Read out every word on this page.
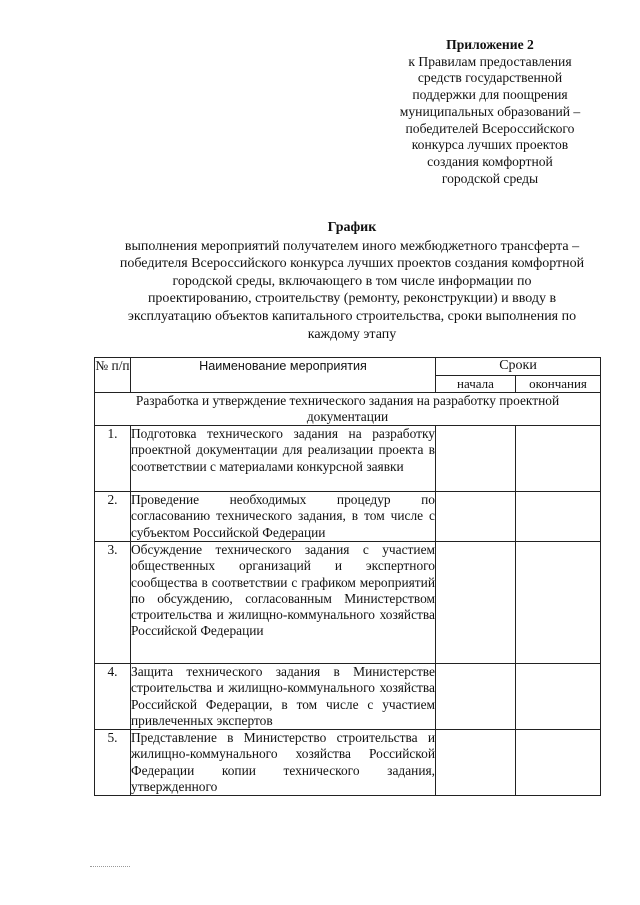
Приложение 2
к Правилам предоставления
средств государственной
поддержки для поощрения
муниципальных образований –
победителей Всероссийского
конкурса лучших проектов
создания комфортной
городской среды
График
выполнения мероприятий получателем иного межбюджетного трансферта –
победителя Всероссийского конкурса лучших проектов создания комфортной
городской среды, включающего в том числе информации по
проектированию, строительству (ремонту, реконструкции) и вводу в
эксплуатацию объектов капитального строительства, сроки выполнения по
каждому этапу
№ п/п	Наименование мероприятия	Сроки	
		начала	окончания
Разработка и утверждение технического задания на разработку проектной документации			
1.	Подготовка технического задания на разработку проектной документации для реализации проекта в соответствии с материалами конкурсной заявки		
2.	Проведение необходимых процедур по согласованию технического задания, в том числе с субъектом Российской Федерации		
3.	Обсуждение технического задания с участием общественных организаций и экспертного сообщества в соответствии с графиком мероприятий по обсуждению, согласованным Министерством строительства и жилищно-коммунального хозяйства Российской Федерации		
4.	Защита технического задания в Министерстве строительства и жилищно-коммунального хозяйства Российской Федерации, в том числе с участием привлеченных экспертов		
5.	Представление в Министерство строительства и жилищно-коммунального хозяйства Российской Федерации копии технического задания, утвержденного		
